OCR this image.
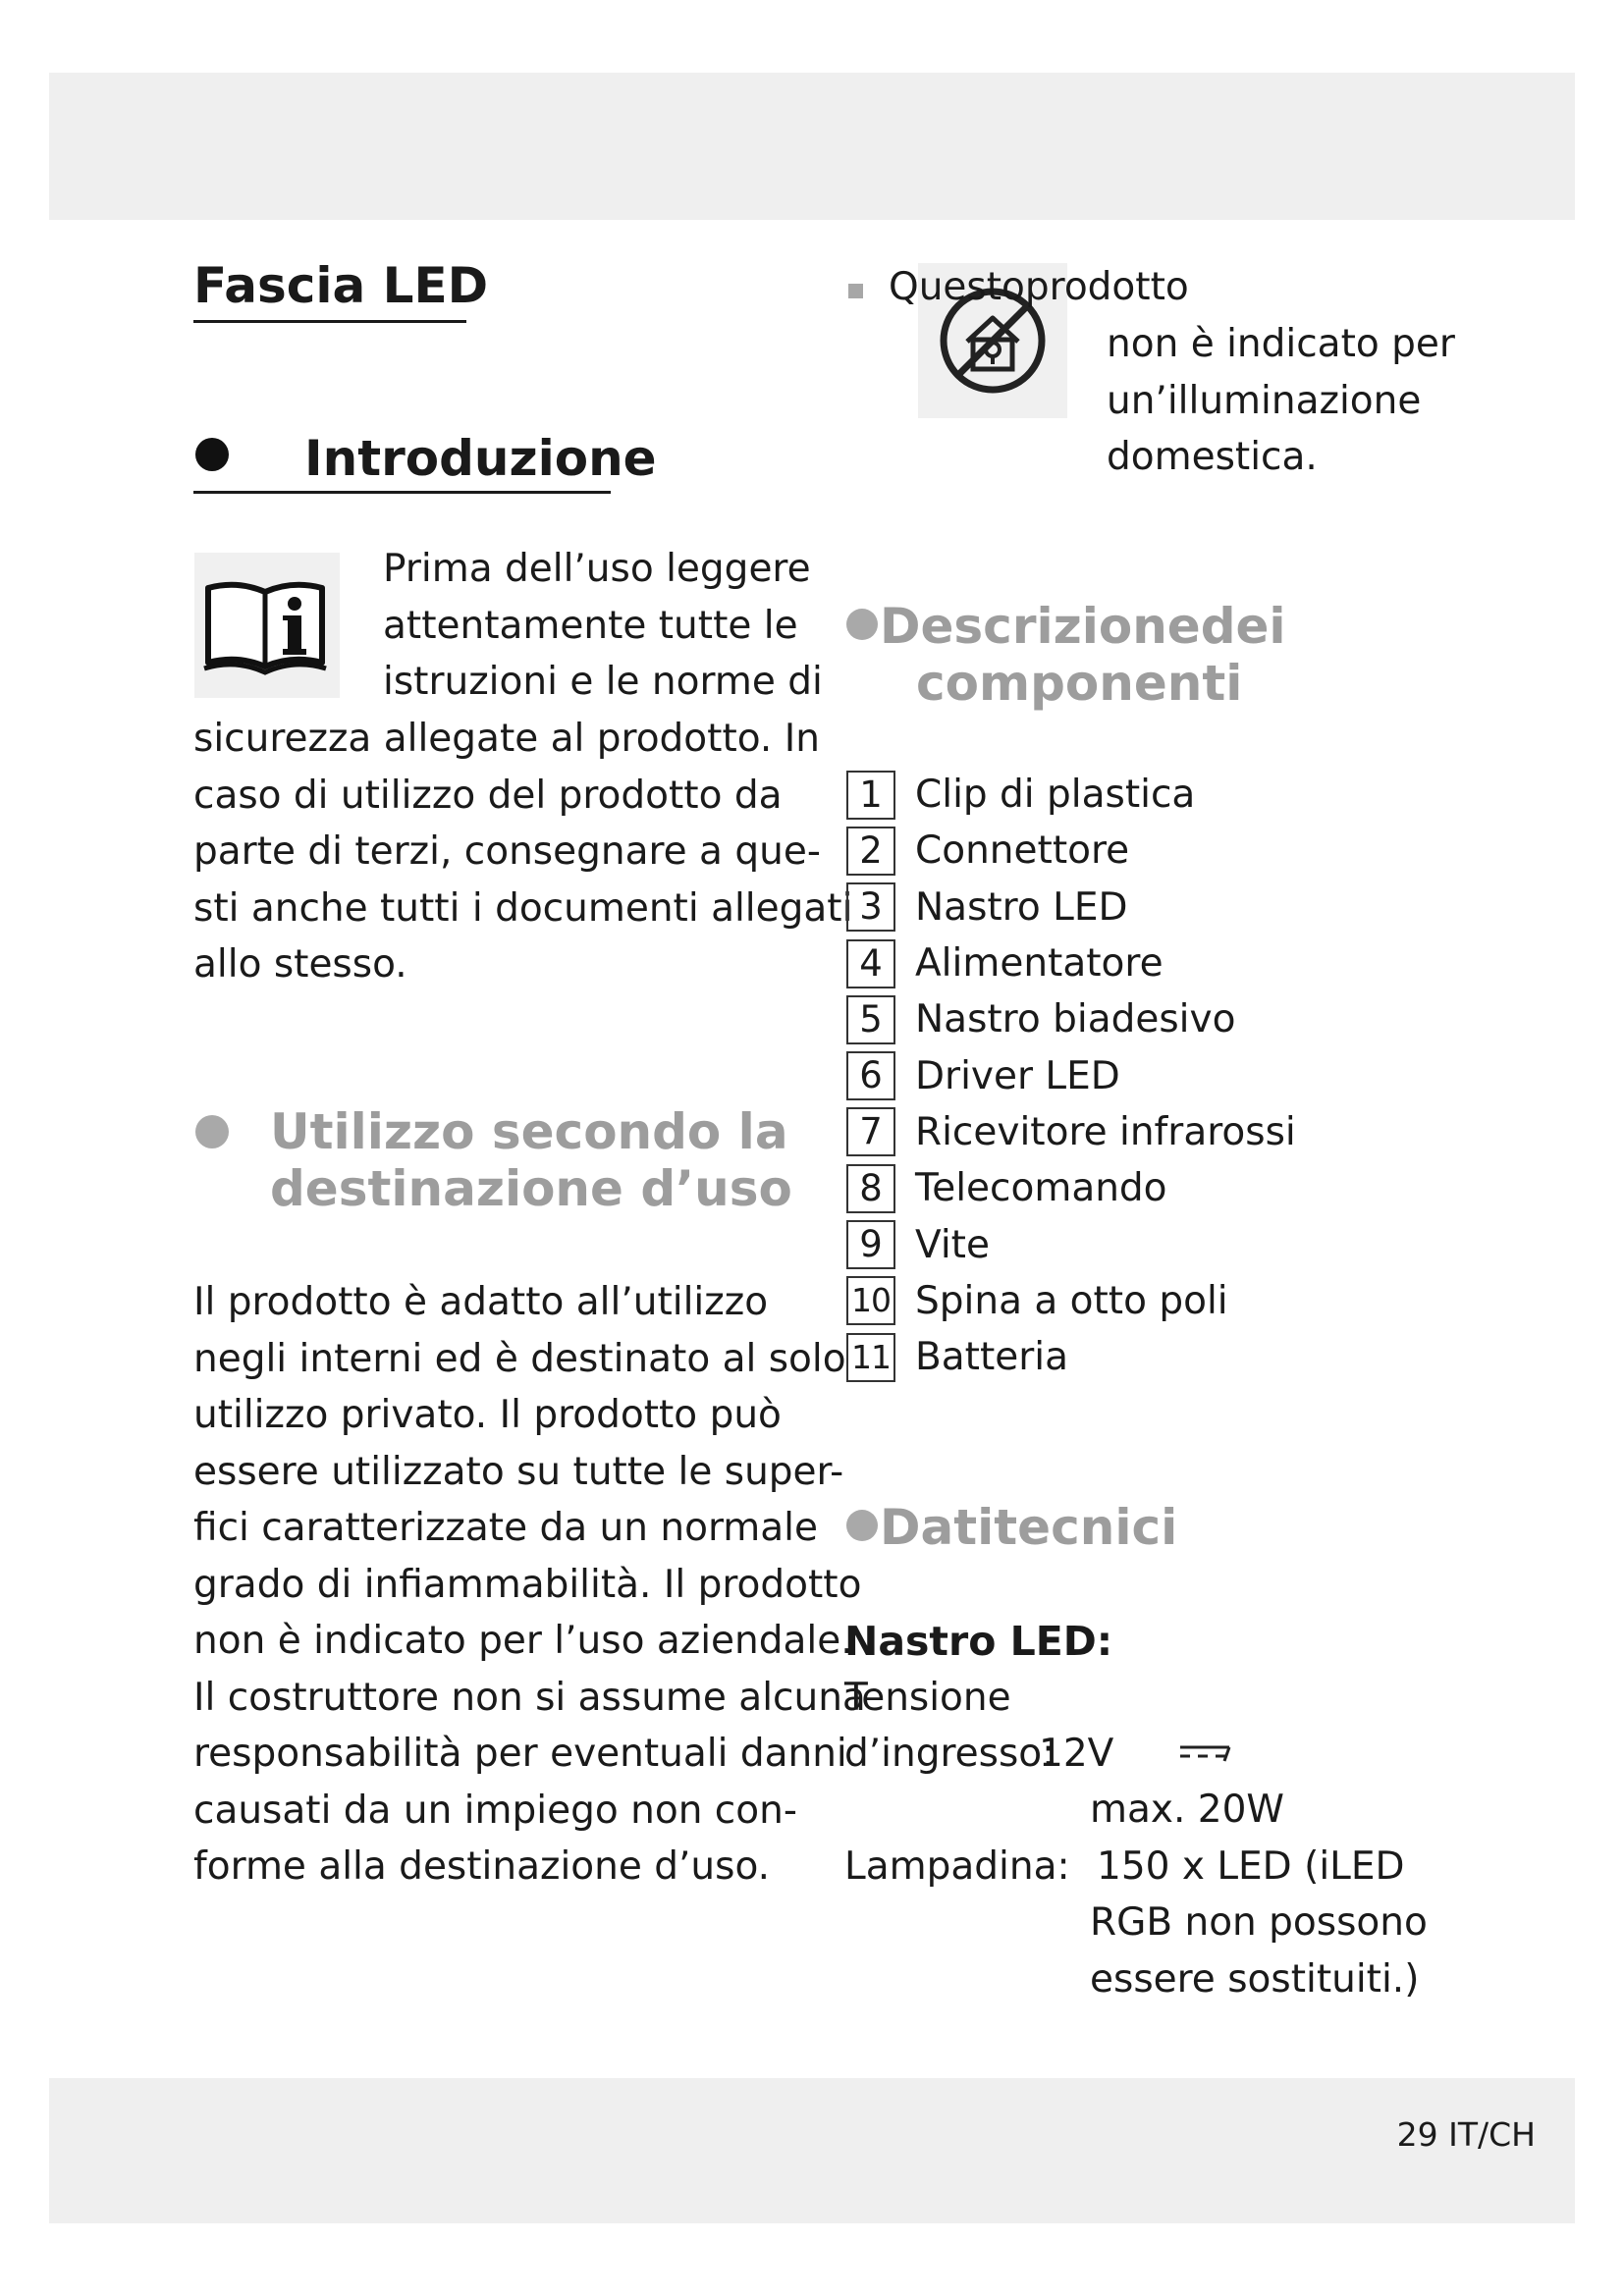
Fascia LED
Introduzione
Prima dell’uso leggere
attentamente tutte le
istruzioni e le norme di
sicurezza allegate al prodotto. In
caso di utilizzo del prodotto da
parte di terzi, consegnare a que-
sti anche tutti i documenti allegati
allo stesso.
Utilizzo secondo la
destinazione d’uso
Il prodotto è adatto all’utilizzo
negli interni ed è destinato al solo
utilizzo privato. Il prodotto può
essere utilizzato su tutte le super-
fici caratterizzate da un normale
grado di infiammabilità. Il prodotto
non è indicato per l’uso aziendale.
Il costruttore non si assume alcuna
responsabilità per eventuali danni
causati da un impiego non con-
forme alla destinazione d’uso.
Questoprodotto
non è indicato per
un’illuminazione
domestica.
Descrizionedei
componenti
1 Clip di plastica
2 Connettore
3 Nastro LED
4 Alimentatore
5 Nastro biadesivo
6 Driver LED
7 Ricevitore infrarossi
8 Telecomando
9 Vite
10 Spina a otto poli
11 Batteria
Datitecnici
Nastro LED:
Tensione
d’ingresso:
12V
max. 20W
Lampadina: 150 x LED (iLED
RGB non possono
essere sostituiti.)
29 IT/CH
